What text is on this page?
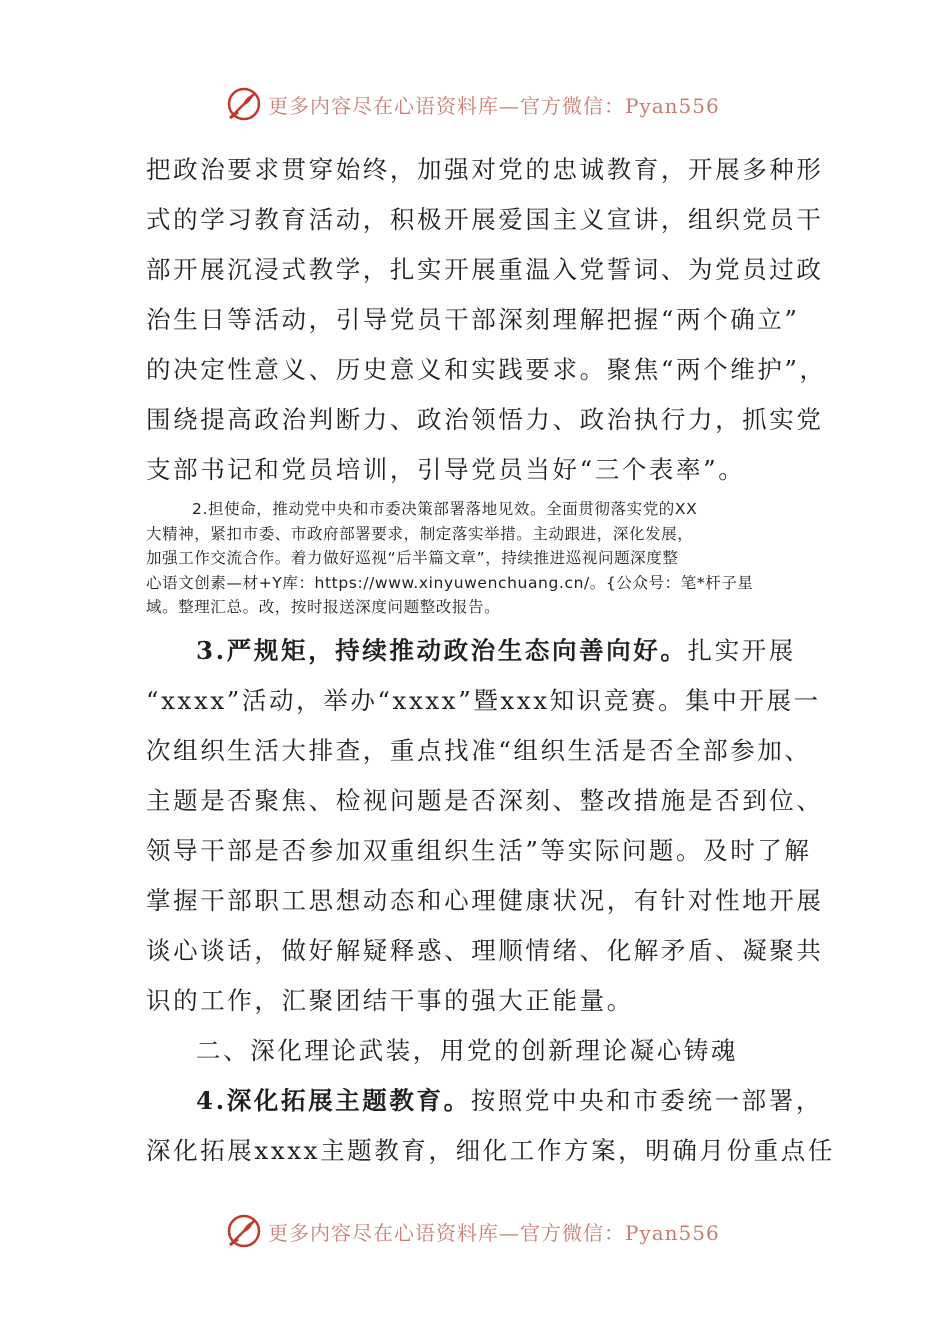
更多内容尽在心语资料库—官方微信：Pyan556
把政治要求贯穿始终，加强对党的忠诚教育，开展多种形
式的学习教育活动，积极开展爱国主义宣讲，组织党员干
部开展沉浸式教学，扎实开展重温入党誓词、为党员过政
治生日等活动，引导党员干部深刻理解把握“两个确立”
的决定性意义、历史意义和实践要求。聚焦“两个维护”，
围绕提高政治判断力、政治领悟力、政治执行力，抓实党
支部书记和党员培训，引导党员当好“三个表率”。
2.担使命，推动党中央和市委决策部署落地见效。全面贯彻落实党的XX
大精神，紧扣市委、市政府部署要求，制定落实举措。主动跟进，深化发展，
加强工作交流合作。着力做好巡视“后半篇文章”，持续推进巡视问题深度整
心语文创素—材+Y库：https://www.xinyuwenchuang.cn/。{公众号：笔*杆子星
域。整理汇总。改，按时报送深度问题整改报告。
3.严规矩，持续推动政治生态向善向好。扎实开展
“xxxx”活动，举办“xxxx”暨xxx知识竞赛。集中开展一
次组织生活大排查，重点找准“组织生活是否全部参加、
主题是否聚焦、检视问题是否深刻、整改措施是否到位、
领导干部是否参加双重组织生活”等实际问题。及时了解
掌握干部职工思想动态和心理健康状况，有针对性地开展
谈心谈话，做好解疑释惑、理顺情绪、化解矛盾、凝聚共
识的工作，汇聚团结干事的强大正能量。
二、深化理论武装，用党的创新理论凝心铸魂
4.深化拓展主题教育。按照党中央和市委统一部署，
深化拓展xxxx主题教育，细化工作方案，明确月份重点任
更多内容尽在心语资料库—官方微信：Pyan556
